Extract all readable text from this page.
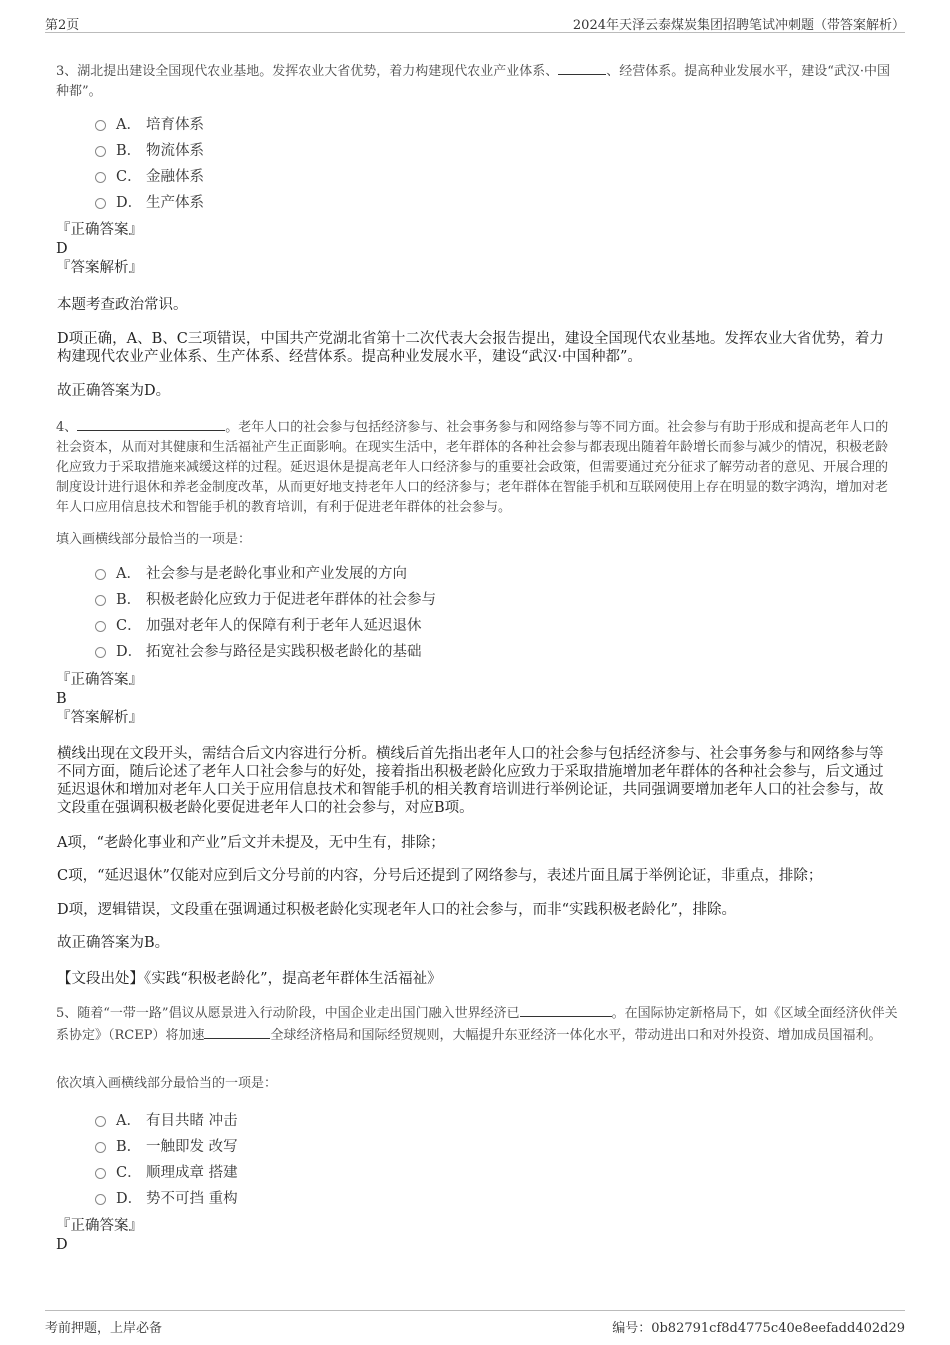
第2页	2024年天泽云泰煤炭集团招聘笔试冲刺题（带答案解析）
3、湖北提出建设全国现代农业基地。发挥农业大省优势，着力构建现代农业产业体系、	、经营体系。提高种业发展水平，建设“武汉·中国种都”。
A． 培育体系
B． 物流体系
C． 金融体系
D． 生产体系
『正确答案』
D
『答案解析』
本题考查政治常识。
D项正确，A、B、C三项错误，中国共产党湖北省第十二次代表大会报告提出，建设全国现代农业基地。发挥农业大省优势，着力构建现代农业产业体系、生产体系、经营体系。提高种业发展水平，建设“武汉·中国种都”。
故正确答案为D。
4、	。老年人口的社会参与包括经济参与、社会事务参与和网络参与等不同方面。社会参与有助于形成和提高老年人口的社会资本，从而对其健康和生活福祉产生正面影响。在现实生活中，老年群体的各种社会参与都表现出随着年龄增长而参与减少的情况，积极老龄化应致力于采取措施来减缓这样的过程。延迟退休是提高老年人口经济参与的重要社会政策，但需要通过充分征求了解劳动者的意见、开展合理的制度设计进行退休和养老金制度改革，从而更好地支持老年人口的经济参与；老年群体在智能手机和互联网使用上存在明显的数字鸿沟，增加对老年人口应用信息技术和智能手机的教育培训，有利于促进老年群体的社会参与。
填入画横线部分最恰当的一项是：
A． 社会参与是老龄化事业和产业发展的方向
B． 积极老龄化应致力于促进老年群体的社会参与
C． 加强对老年人的保障有利于老年人延迟退休
D． 拓宽社会参与路径是实践积极老龄化的基础
『正确答案』
B
『答案解析』
横线出现在文段开头，需结合后文内容进行分析。横线后首先指出老年人口的社会参与包括经济参与、社会事务参与和网络参与等不同方面，随后论述了老年人口社会参与的好处，接着指出积极老龄化应致力于采取措施增加老年群体的各种社会参与，后文通过延迟退休和增加对老年人口关于应用信息技术和智能手机的相关教育培训进行举例论证，共同强调要增加老年人口的社会参与，故文段重在强调积极老龄化要促进老年人口的社会参与，对应B项。
A项，“老龄化事业和产业”后文并未提及，无中生有，排除；
C项，“延迟退休”仅能对应到后文分号前的内容，分号后还提到了网络参与，表述片面且属于举例论证，非重点，排除；
D项，逻辑错误，文段重在强调通过积极老龄化实现老年人口的社会参与，而非“实践积极老龄化”，排除。
故正确答案为B。
【文段出处】《实践“积极老龄化”，提高老年群体生活福祉》
5、随着“一带一路”倡议从愿景进入行动阶段，中国企业走出国门融入世界经济已	。在国际协定新格局下，如《区域全面经济伙伴关系协定》（RCEP）将加速	全球经济格局和国际经贸规则，大幅提升东亚经济一体化水平，带动进出口和对外投资、增加成员国福利。
依次填入画横线部分最恰当的一项是：
A． 有目共睹 冲击
B． 一触即发 改写
C． 顺理成章 搭建
D． 势不可挡 重构
『正确答案』
D
考前押题，上岸必备	编号：0b82791cf8d4775c40e8eefadd402d29
